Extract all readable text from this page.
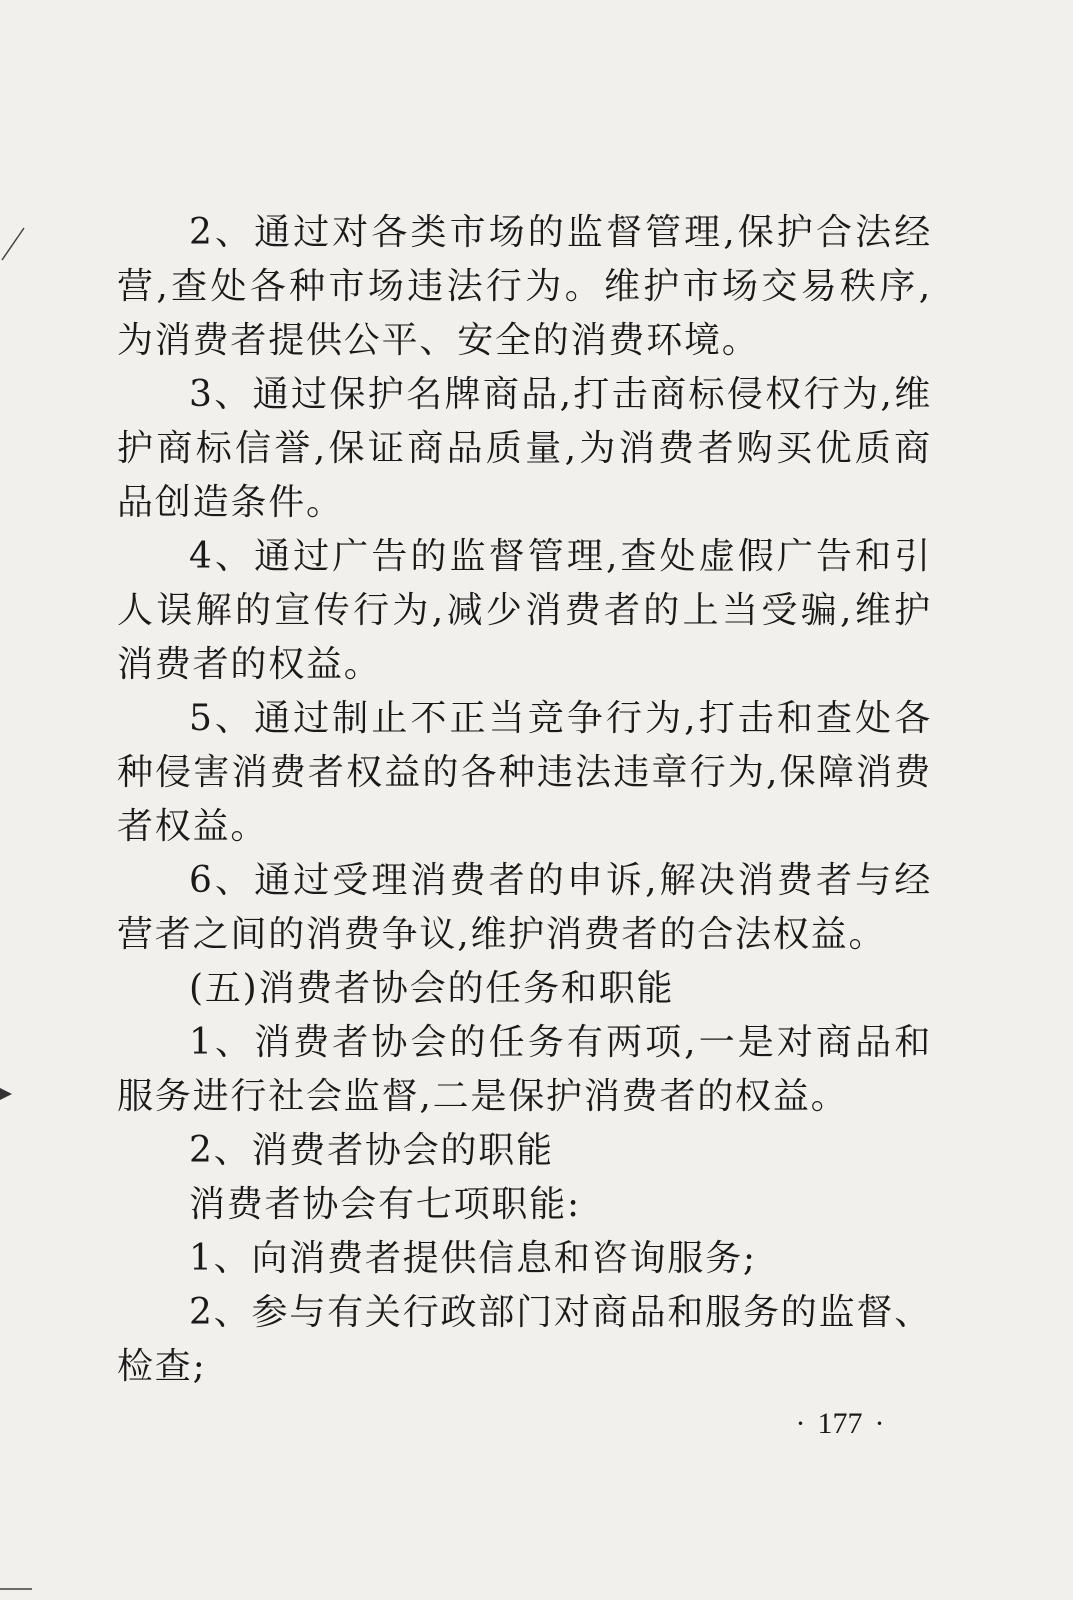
2、通过对各类市场的监督管理,保护合法经营,查处各种市场违法行为。维护市场交易秩序,为消费者提供公平、安全的消费环境。

3、通过保护名牌商品,打击商标侵权行为,维护商标信誉,保证商品质量,为消费者购买优质商品创造条件。

4、通过广告的监督管理,查处虚假广告和引人误解的宣传行为,减少消费者的上当受骗,维护消费者的权益。

5、通过制止不正当竞争行为,打击和查处各种侵害消费者权益的各种违法违章行为,保障消费者权益。

6、通过受理消费者的申诉,解决消费者与经营者之间的消费争议,维护消费者的合法权益。

(五)消费者协会的任务和职能

1、消费者协会的任务有两项,一是对商品和服务进行社会监督,二是保护消费者的权益。

2、消费者协会的职能

消费者协会有七项职能:

1、向消费者提供信息和咨询服务;

2、参与有关行政部门对商品和服务的监督、检查;

· 177 ·
